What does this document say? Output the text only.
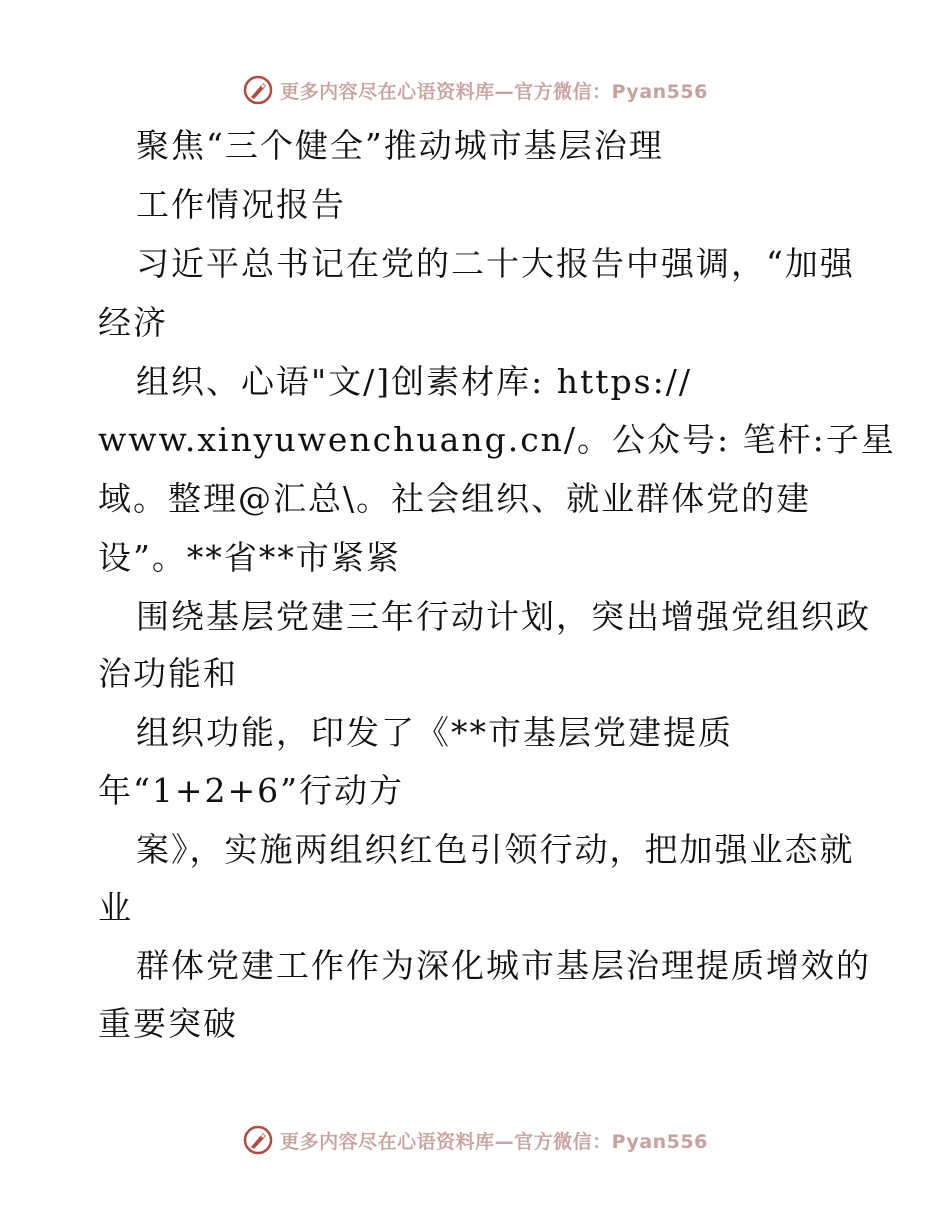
更多内容尽在心语资料库—官方微信：Pyan556
聚焦“三个健全”推动城市基层治理
工作情况报告
习近平总书记在党的二十大报告中强调，“加强
经济
组织、心语"文/]创素材库: https://
www.xinyuwenchuang.cn/。公众号: 笔杆:子星
域。整理@汇总\。社会组织、就业群体党的建
设”。**省**市紧紧
围绕基层党建三年行动计划，突出增强党组织政
治功能和
组织功能，印发了《**市基层党建提质
年“1+2+6”行动方
案》，实施两组织红色引领行动，把加强业态就
业
群体党建工作作为深化城市基层治理提质增效的
重要突破
更多内容尽在心语资料库—官方微信：Pyan556
